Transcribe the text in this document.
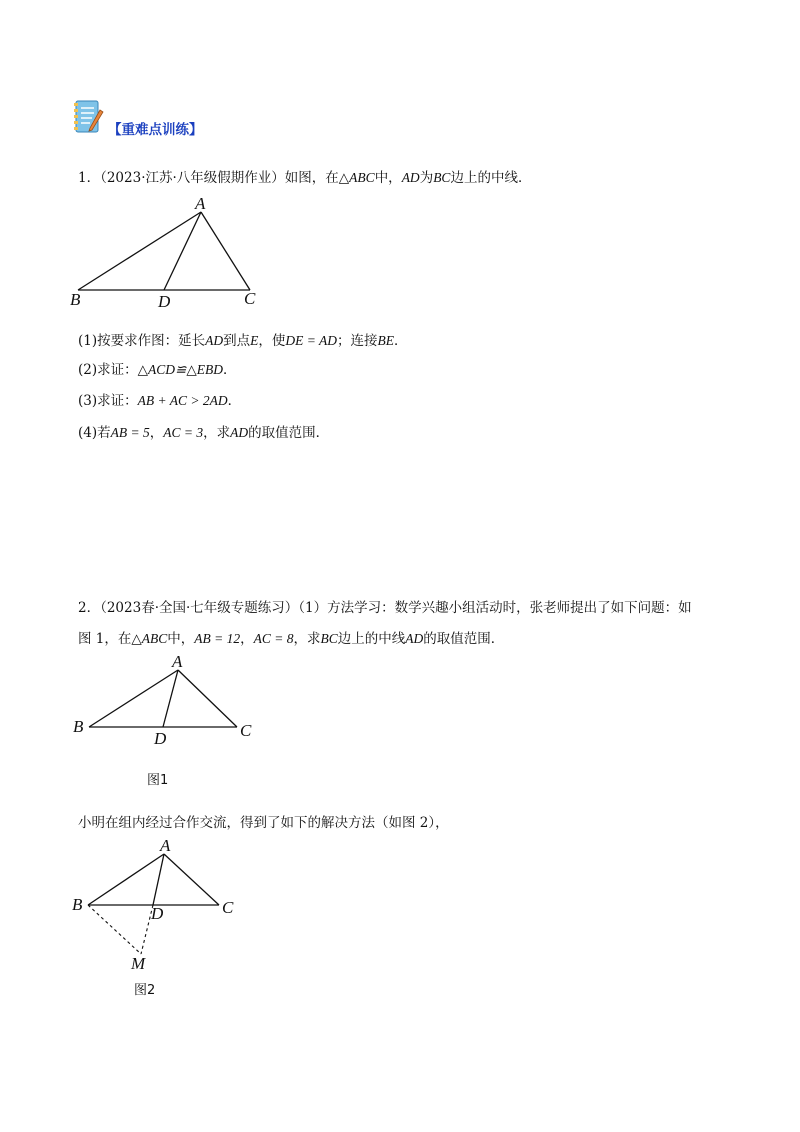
【重难点训练】
1．（2023·江苏·八年级假期作业）如图，在△ABC中，AD为BC边上的中线．
A
B	D	C
(1)按要求作图：延长AD到点E，使DE = AD；连接BE．
(2)求证：△ACD≌△EBD．
(3)求证：AB + AC > 2AD．
(4)若AB = 5，AC = 3，求AD的取值范围．
2．（2023春·全国·七年级专题练习）（1）方法学习：数学兴趣小组活动时，张老师提出了如下问题：如
图 1，在△ABC中，AB = 12，AC = 8，求BC边上的中线AD的取值范围．
A
B
D	C
图1
小明在组内经过合作交流，得到了如下的解决方法（如图 2），
A
B	D	C
M
图2
